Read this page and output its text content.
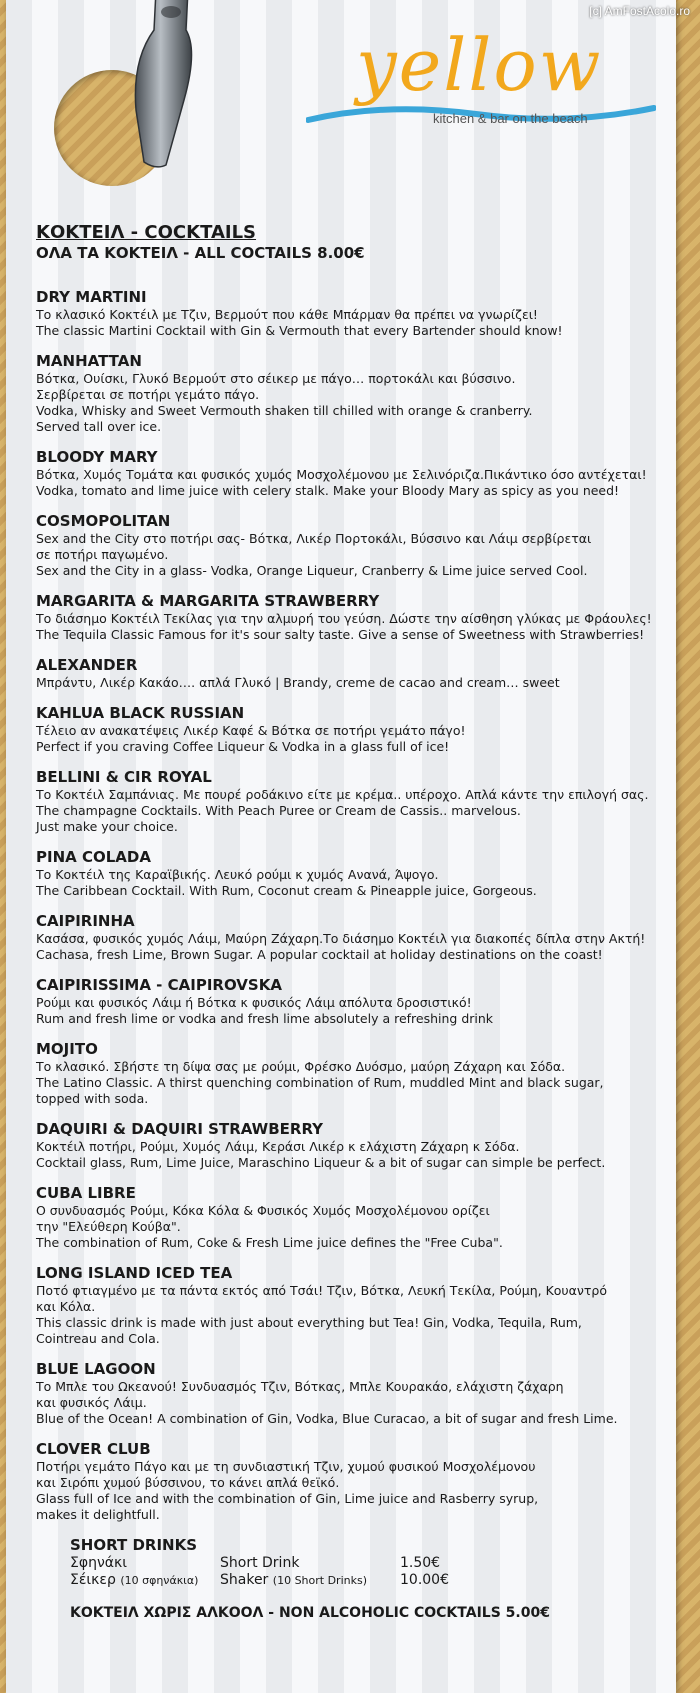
yellow
kitchen & bar on the beach
ΚΟΚΤΕΙΛ - COCKTAILS
ΟΛΑ ΤΑ ΚΟΚΤΕΙΛ - ALL COCTAILS 8.00€
DRY MARTINI
Το κλασικό Κοκτέιλ με Τζιν, Βερμούτ που κάθε Μπάρμαν θα πρέπει να γνωρίζει!
The classic Martini Cocktail with Gin & Vermouth that every Bartender should know!
MANHATTAN
Βότκα, Ουίσκι, Γλυκό Βερμούτ στο σέικερ με πάγο… πορτοκάλι και βύσσινο.
Σερβίρεται σε ποτήρι γεμάτο πάγο.
Vodka, Whisky and Sweet Vermouth shaken till chilled with orange & cranberry.
Served tall over ice.
BLOODY MARY
Βότκα, Χυμός Τομάτα και φυσικός χυμός Μοσχολέμονου με Σελινόριζα.Πικάντικο όσο αντέχεται!
Vodka, tomato and lime juice with celery stalk. Make your Bloody Mary as spicy as you need!
COSMOPOLITAN
Sex and the City στο ποτήρι σας- Βότκα, Λικέρ Πορτοκάλι, Βύσσινο και Λάιμ σερβίρεται
σε ποτήρι παγωμένο.
Sex and the City in a glass- Vodka, Orange Liqueur, Cranberry & Lime juice served Cool.
MARGARITA & MARGARITA STRAWBERRY
Το διάσημο Κοκτέιλ Τεκίλας για την αλμυρή του γεύση. Δώστε την αίσθηση γλύκας με Φράουλες!
The Tequila Classic Famous for it's sour salty taste. Give a sense of Sweetness with Strawberries!
ALEXANDER
Μπράντυ, Λικέρ Κακάο…. απλά Γλυκό | Brandy, creme de cacao and cream… sweet
KAHLUA BLACK RUSSIAN
Τέλειο αν ανακατέψεις Λικέρ Καφέ & Βότκα σε ποτήρι γεμάτο πάγο!
Perfect if you craving Coffee Liqueur & Vodka in a glass full of ice!
BELLINI & CIR ROYAL
Το Κοκτέιλ Σαμπάνιας. Με πουρέ ροδάκινο είτε με κρέμα.. υπέροχο. Απλά κάντε την επιλογή σας.
The champagne Cocktails. With Peach Puree or Cream de Cassis.. marvelous.
Just make your choice.
PINA COLADA
Το Κοκτέιλ της Καραϊβικής. Λευκό ρούμι κ χυμός Ανανά, Άψογο.
The Caribbean Cocktail. With Rum, Coconut cream & Pineapple juice, Gorgeous.
CAIPIRINHA
Κασάσα, φυσικός χυμός Λάιμ, Μαύρη Ζάχαρη.Το διάσημο Κοκτέιλ για διακοπές δίπλα στην Ακτή!
Cachasa, fresh Lime, Brown Sugar. A popular cocktail at holiday destinations on the coast!
CAIPIRISSIMA - CAIPIROVSKA
Ρούμι και φυσικός Λάιμ ή Βότκα κ φυσικός Λάιμ απόλυτα δροσιστικό!
Rum and fresh lime or vodka and fresh lime absolutely a refreshing drink
MOJITO
Το κλασικό. Σβήστε τη δίψα σας με ρούμι, Φρέσκο Δυόσμο, μαύρη Ζάχαρη και Σόδα.
The Latino Classic. A thirst quenching combination of Rum, muddled Mint and black sugar,
topped with soda.
DAQUIRI & DAQUIRI STRAWBERRY
Κοκτέιλ ποτήρι, Ρούμι, Χυμός Λάιμ, Κεράσι Λικέρ κ ελάχιστη Ζάχαρη κ Σόδα.
Cocktail glass, Rum, Lime Juice, Maraschino Liqueur & a bit of sugar can simple be perfect.
CUBA LIBRE
Ο συνδυασμός Ρούμι, Κόκα Κόλα & Φυσικός Χυμός Μοσχολέμονου ορίζει
την "Ελεύθερη Κούβα".
The combination of Rum, Coke & Fresh Lime juice defines the "Free Cuba".
LONG ISLAND ICED TEA
Ποτό φτιαγμένο με τα πάντα εκτός από Τσάι! Τζιν, Βότκα, Λευκή Τεκίλα, Ρούμη, Κουαντρό
και Κόλα.
This classic drink is made with just about everything but Tea! Gin, Vodka, Tequila, Rum,
Cointreau and Cola.
BLUE LAGOON
Το Μπλε του Ωκεανού! Συνδυασμός Τζιν, Βότκας, Μπλε Κουρακάο, ελάχιστη ζάχαρη
και φυσικός Λάιμ.
Blue of the Ocean! A combination of Gin, Vodka, Blue Curacao, a bit of sugar and fresh Lime.
CLOVER CLUB
Ποτήρι γεμάτο Πάγο και με τη συνδιαστική Τζιν, χυμού φυσικού Μοσχολέμονου
και Σιρόπι χυμού βύσσινου, το κάνει απλά θεϊκό.
Glass full of Ice and with the combination of Gin, Lime juice and Rasberry syrup,
makes it delightfull.
SHORT DRINKS
Σφηνάκι	Short Drink	1.50€
Σέικερ (10 σφηνάκια)	Shaker (10 Short Drinks)	10.00€
ΚΟΚΤΕΙΛ ΧΩΡΙΣ ΑΛΚΟΟΛ - NON ALCOHOLIC COCKTAILS 5.00€
[c] AmFostAcolo.ro
